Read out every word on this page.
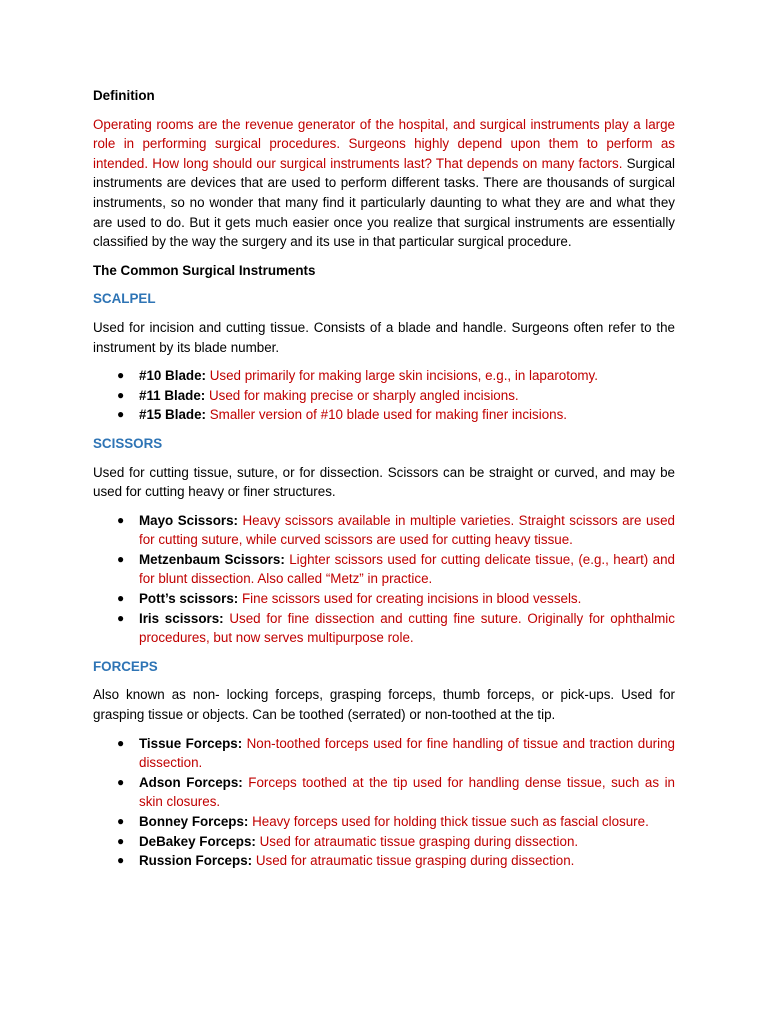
Definition

Operating rooms are the revenue generator of the hospital, and surgical instruments play a large role in performing surgical procedures. Surgeons highly depend upon them to perform as intended. How long should our surgical instruments last? That depends on many factors. Surgical instruments are devices that are used to perform different tasks. There are thousands of surgical instruments, so no wonder that many find it particularly daunting to what they are and what they are used to do. But it gets much easier once you realize that surgical instruments are essentially classified by the way the surgery and its use in that particular surgical procedure.

The Common Surgical Instruments
SCALPEL

Used for incision and cutting tissue. Consists of a blade and handle. Surgeons often refer to the instrument by its blade number.

● #10 Blade: Used primarily for making large skin incisions, e.g., in laparotomy.
● #11 Blade: Used for making precise or sharply angled incisions.
● #15 Blade: Smaller version of #10 blade used for making finer incisions.
SCISSORS

Used for cutting tissue, suture, or for dissection. Scissors can be straight or curved, and may be used for cutting heavy or finer structures.

● Mayo Scissors: Heavy scissors available in multiple varieties. Straight scissors are used for cutting suture, while curved scissors are used for cutting heavy tissue.
● Metzenbaum Scissors: Lighter scissors used for cutting delicate tissue, (e.g., heart) and for blunt dissection. Also called “Metz” in practice.
● Pott’s scissors: Fine scissors used for creating incisions in blood vessels.
● Iris scissors: Used for fine dissection and cutting fine suture. Originally for ophthalmic procedures, but now serves multipurpose role.
FORCEPS

Also known as non- locking forceps, grasping forceps, thumb forceps, or pick-ups. Used for grasping tissue or objects. Can be toothed (serrated) or non-toothed at the tip.

● Tissue Forceps: Non-toothed forceps used for fine handling of tissue and traction during dissection.
● Adson Forceps: Forceps toothed at the tip used for handling dense tissue, such as in skin closures.
● Bonney Forceps: Heavy forceps used for holding thick tissue such as fascial closure.
● DeBakey Forceps: Used for atraumatic tissue grasping during dissection.
● Russion Forceps: Used for atraumatic tissue grasping during dissection.
